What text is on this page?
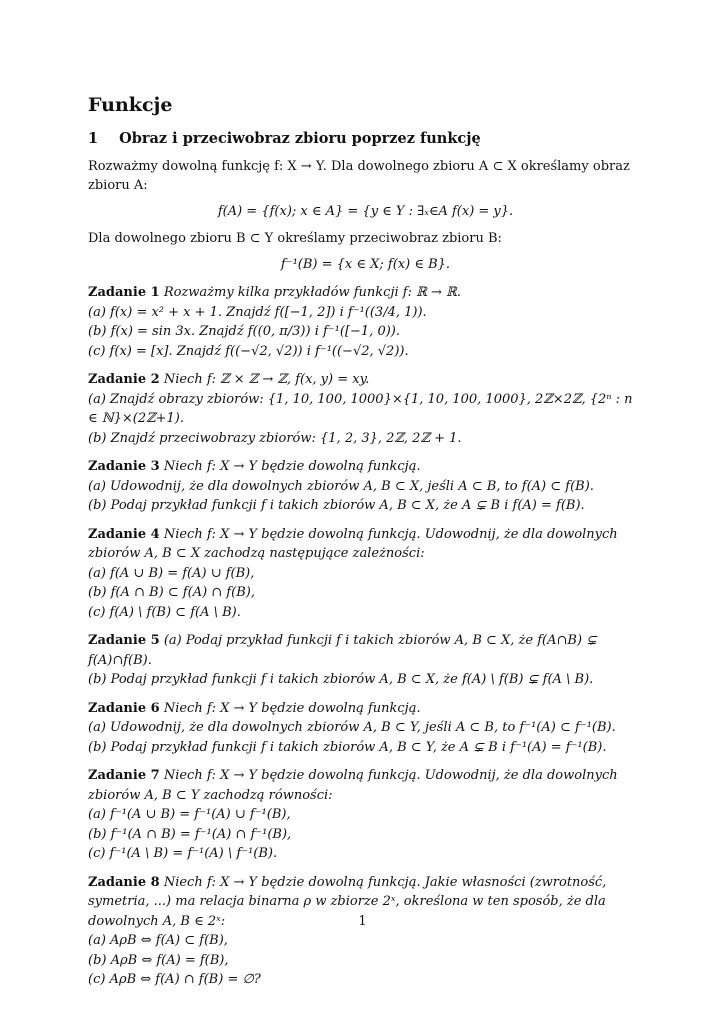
Funkcje
1 Obraz i przeciwobraz zbioru poprzez funkcję

Rozważmy dowolną funkcję f: X → Y. Dla dowolnego zbioru A ⊂ X określamy obraz zbioru A:

f(A) = {f(x); x ∈ A} = {y ∈ Y : ∃ₓ∈A f(x) = y}.

Dla dowolnego zbioru B ⊂ Y określamy przeciwobraz zbioru B:

f⁻¹(B) = {x ∈ X; f(x) ∈ B}.

Zadanie 1 Rozważmy kilka przykładów funkcji f: ℝ → ℝ.

(a) f(x) = x² + x + 1. Znajdź f([−1, 2]) i f⁻¹((3/4, 1)).

(b) f(x) = sin 3x. Znajdź f((0, π/3)) i f⁻¹([−1, 0)).

(c) f(x) = [x]. Znajdź f((−√2, √2)) i f⁻¹((−√2, √2)).

Zadanie 2 Niech f: ℤ × ℤ → ℤ, f(x, y) = xy.

(a) Znajdź obrazy zbiorów: {1, 10, 100, 1000}×{1, 10, 100, 1000}, 2ℤ×2ℤ, {2ⁿ : n ∈ ℕ}×(2ℤ+1).

(b) Znajdź przeciwobrazy zbiorów: {1, 2, 3}, 2ℤ, 2ℤ + 1.

Zadanie 3 Niech f: X → Y będzie dowolną funkcją.

(a) Udowodnij, że dla dowolnych zbiorów A, B ⊂ X, jeśli A ⊂ B, to f(A) ⊂ f(B).

(b) Podaj przykład funkcji f i takich zbiorów A, B ⊂ X, że A ⊊ B i f(A) = f(B).

Zadanie 4 Niech f: X → Y będzie dowolną funkcją. Udowodnij, że dla dowolnych zbiorów A, B ⊂ X zachodzą następujące zależności:

(a) f(A ∪ B) = f(A) ∪ f(B),

(b) f(A ∩ B) ⊂ f(A) ∩ f(B),

(c) f(A) \ f(B) ⊂ f(A \ B).

Zadanie 5 (a) Podaj przykład funkcji f i takich zbiorów A, B ⊂ X, że f(A∩B) ⊊ f(A)∩f(B).

(b) Podaj przykład funkcji f i takich zbiorów A, B ⊂ X, że f(A) \ f(B) ⊊ f(A \ B).

Zadanie 6 Niech f: X → Y będzie dowolną funkcją.

(a) Udowodnij, że dla dowolnych zbiorów A, B ⊂ Y, jeśli A ⊂ B, to f⁻¹(A) ⊂ f⁻¹(B).

(b) Podaj przykład funkcji f i takich zbiorów A, B ⊂ Y, że A ⊊ B i f⁻¹(A) = f⁻¹(B).

Zadanie 7 Niech f: X → Y będzie dowolną funkcją. Udowodnij, że dla dowolnych zbiorów A, B ⊂ Y zachodzą równości:

(a) f⁻¹(A ∪ B) = f⁻¹(A) ∪ f⁻¹(B),

(b) f⁻¹(A ∩ B) = f⁻¹(A) ∩ f⁻¹(B),

(c) f⁻¹(A \ B) = f⁻¹(A) \ f⁻¹(B).

Zadanie 8 Niech f: X → Y będzie dowolną funkcją. Jakie własności (zwrotność, symetria, ...) ma relacja binarna ρ w zbiorze 2ˣ, określona w ten sposób, że dla dowolnych A, B ∈ 2ˣ:

(a) AρB ⇔ f(A) ⊂ f(B),

(b) AρB ⇔ f(A) = f(B),

(c) AρB ⇔ f(A) ∩ f(B) = ∅?

1
